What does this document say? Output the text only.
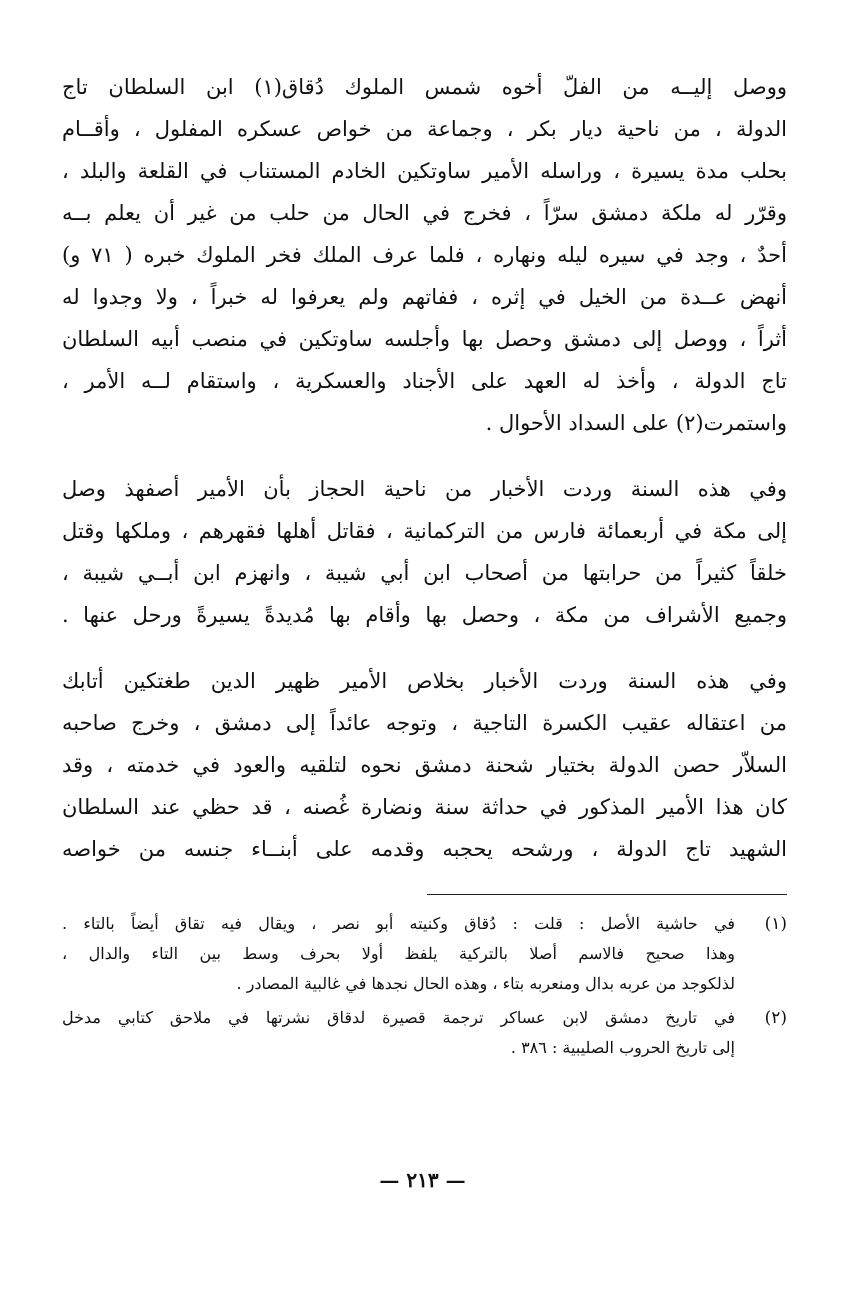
ووصل إليــه من الفلّ أخوه شمس الملوك دُقاق(١) ابن السلطان تاج
الدولة ، من ناحية ديار بكر ، وجماعة من خواص عسكره المفلول ، وأقــام
بحلب مدة يسيرة ، وراسله الأمير ساوتكين الخادم المستناب في القلعة والبلد ،
وقرّر له ملكة دمشق سرّاً ، فخرج في الحال من حلب من غير أن يعلم بــه
أحدٌ ، وجد في سيره ليله ونهاره ، فلما عرف الملك فخر الملوك خبره ( ٧١ و)
أنهض عــدة من الخيل في إثره ، ففاتهم ولم يعرفوا له خبراً ، ولا وجدوا له
أثراً ، ووصل إلى دمشق وحصل بها وأجلسه ساوتكين في منصب أبيه السلطان
تاج الدولة ، وأخذ له العهد على الأجناد والعسكرية ، واستقام لــه الأمر ،
واستمرت(٢) على السداد الأحوال .
وفي هذه السنة وردت الأخبار من ناحية الحجاز بأن الأمير أصفهذ وصل
إلى مكة في أربعمائة فارس من التركمانية ، فقاتل أهلها فقهرهم ، وملكها وقتل
خلقاً كثيراً من حرابتها من أصحاب ابن أبي شيبة ، وانهزم ابن أبــي شيبة ،
وجميع الأشراف من مكة ، وحصل بها وأقام بها مُديدةً يسيرةً ورحل عنها .
وفي هذه السنة وردت الأخبار بخلاص الأمير ظهير الدين طغتكين أتابك
من اعتقاله عقيب الكسرة التاجية ، وتوجه عائداً إلى دمشق ، وخرج صاحبه
السلاّر حصن الدولة بختيار شحنة دمشق نحوه لتلقيه والعود في خدمته ، وقد
كان هذا الأمير المذكور في حداثة سنة ونضارة غُصنه ، قد حظي عند السلطان
الشهيد تاج الدولة ، ورشحه يحجبه وقدمه على أبنــاء جنسه من خواصه
(١)
في حاشية الأصل : قلت : دُقاق وكنيته أبو نصر ، ويقال فيه تقاق أيضاً بالتاء .
وهذا صحيح فالاسم أصلا بالتركية يلفظ أولا بحرف وسط بين التاء والدال ،
لذلكوجد من عربه بدال ومنعربه بتاء ، وهذه الحال نجدها في غالبية المصادر .
(٢)
في تاريخ دمشق لابن عساكر ترجمة قصيرة لدقاق نشرتها في ملاحق كتابي مدخل
إلى تاريخ الحروب الصليبية : ٣٨٦ .
— ٢١٣ —
